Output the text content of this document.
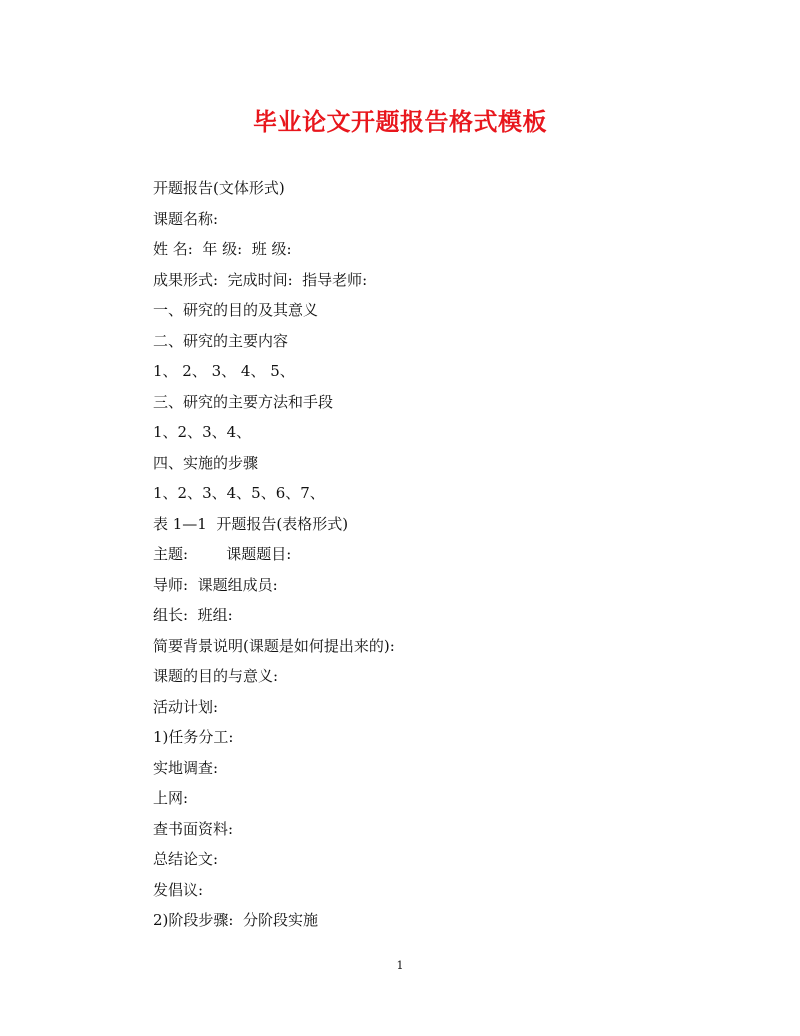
毕业论文开题报告格式模板
开题报告(文体形式)
课题名称:
姓 名:  年 级:  班 级:
成果形式:  完成时间:  指导老师:
一、研究的目的及其意义
二、研究的主要内容
1、 2、 3、 4、 5、
三、研究的主要方法和手段
1、2、3、4、
四、实施的步骤
1、2、3、4、5、6、7、
表 1—1  开题报告(表格形式)
主题:        课题题目:
导师:  课题组成员:
组长:  班组:
简要背景说明(课题是如何提出来的):
课题的目的与意义:
活动计划:
1)任务分工:
实地调查:
上网:
查书面资料:
总结论文:
发倡议:
2)阶段步骤:  分阶段实施
1
